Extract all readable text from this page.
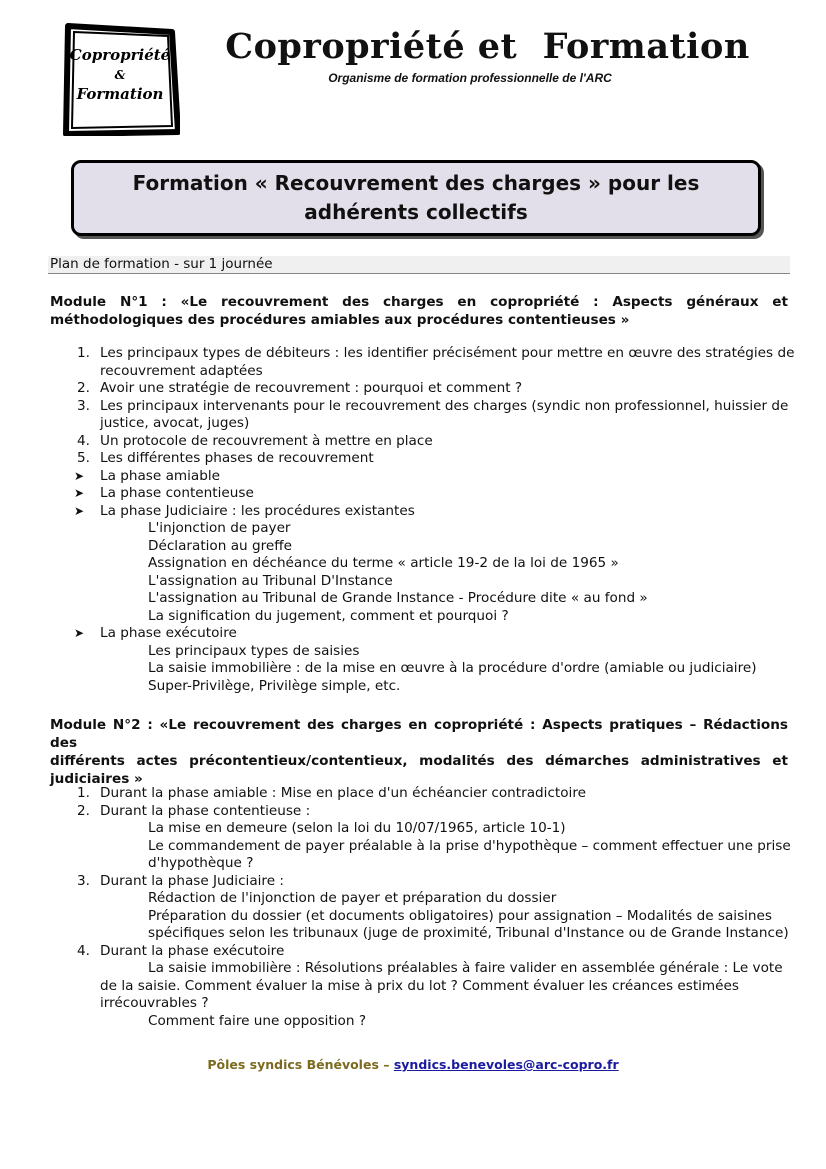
Copropriété
&
Formation
Copropriété et  Formation
Organisme de formation professionnelle de l'ARC
Formation « Recouvrement des charges » pour les adhérents collectifs
Plan de formation - sur 1 journée
Module N°1 : «Le recouvrement des charges en copropriété : Aspects généraux et méthodologiques des procédures amiables aux procédures contentieuses »
1. Les principaux types de débiteurs : les identifier précisément pour mettre en œuvre des stratégies de
recouvrement adaptées
2. Avoir une stratégie de recouvrement : pourquoi et comment ?
3. Les principaux intervenants pour le recouvrement des charges (syndic non professionnel, huissier de
justice, avocat, juges)
4. Un protocole de recouvrement à mettre en place
5. Les différentes phases de recouvrement
➤ La phase amiable
➤ La phase contentieuse
➤ La phase Judiciaire : les procédures existantes
L'injonction de payer
Déclaration au greffe
Assignation en déchéance du terme « article 19-2 de la loi de 1965 »
L'assignation au Tribunal D'Instance
L'assignation au Tribunal de Grande Instance - Procédure dite « au fond »
La signification du jugement, comment et pourquoi ?
➤ La phase exécutoire
Les principaux types de saisies
La saisie immobilière : de la mise en œuvre à la procédure d'ordre (amiable ou judiciaire)
Super-Privilège, Privilège simple, etc.
Module N°2 : «Le recouvrement des charges en copropriété : Aspects pratiques – Rédactions des
différents actes précontentieux/contentieux, modalités des démarches administratives et
judiciaires »
1. Durant la phase amiable : Mise en place d'un échéancier contradictoire
2. Durant la phase contentieuse :
La mise en demeure (selon la loi du 10/07/1965, article 10-1)
Le commandement de payer préalable à la prise d'hypothèque – comment effectuer une prise
d'hypothèque ?
3. Durant la phase Judiciaire :
Rédaction de l'injonction de payer et préparation du dossier
Préparation du dossier (et documents obligatoires) pour assignation – Modalités de saisines
spécifiques selon les tribunaux (juge de proximité, Tribunal d'Instance ou de Grande Instance)
4. Durant la phase exécutoire
La saisie immobilière : Résolutions préalables à faire valider en assemblée générale : Le vote
de la saisie. Comment évaluer la mise à prix du lot ? Comment évaluer les créances estimées
irrécouvrables ?
Comment faire une opposition ?
Pôles syndics Bénévoles – syndics.benevoles@arc-copro.fr
